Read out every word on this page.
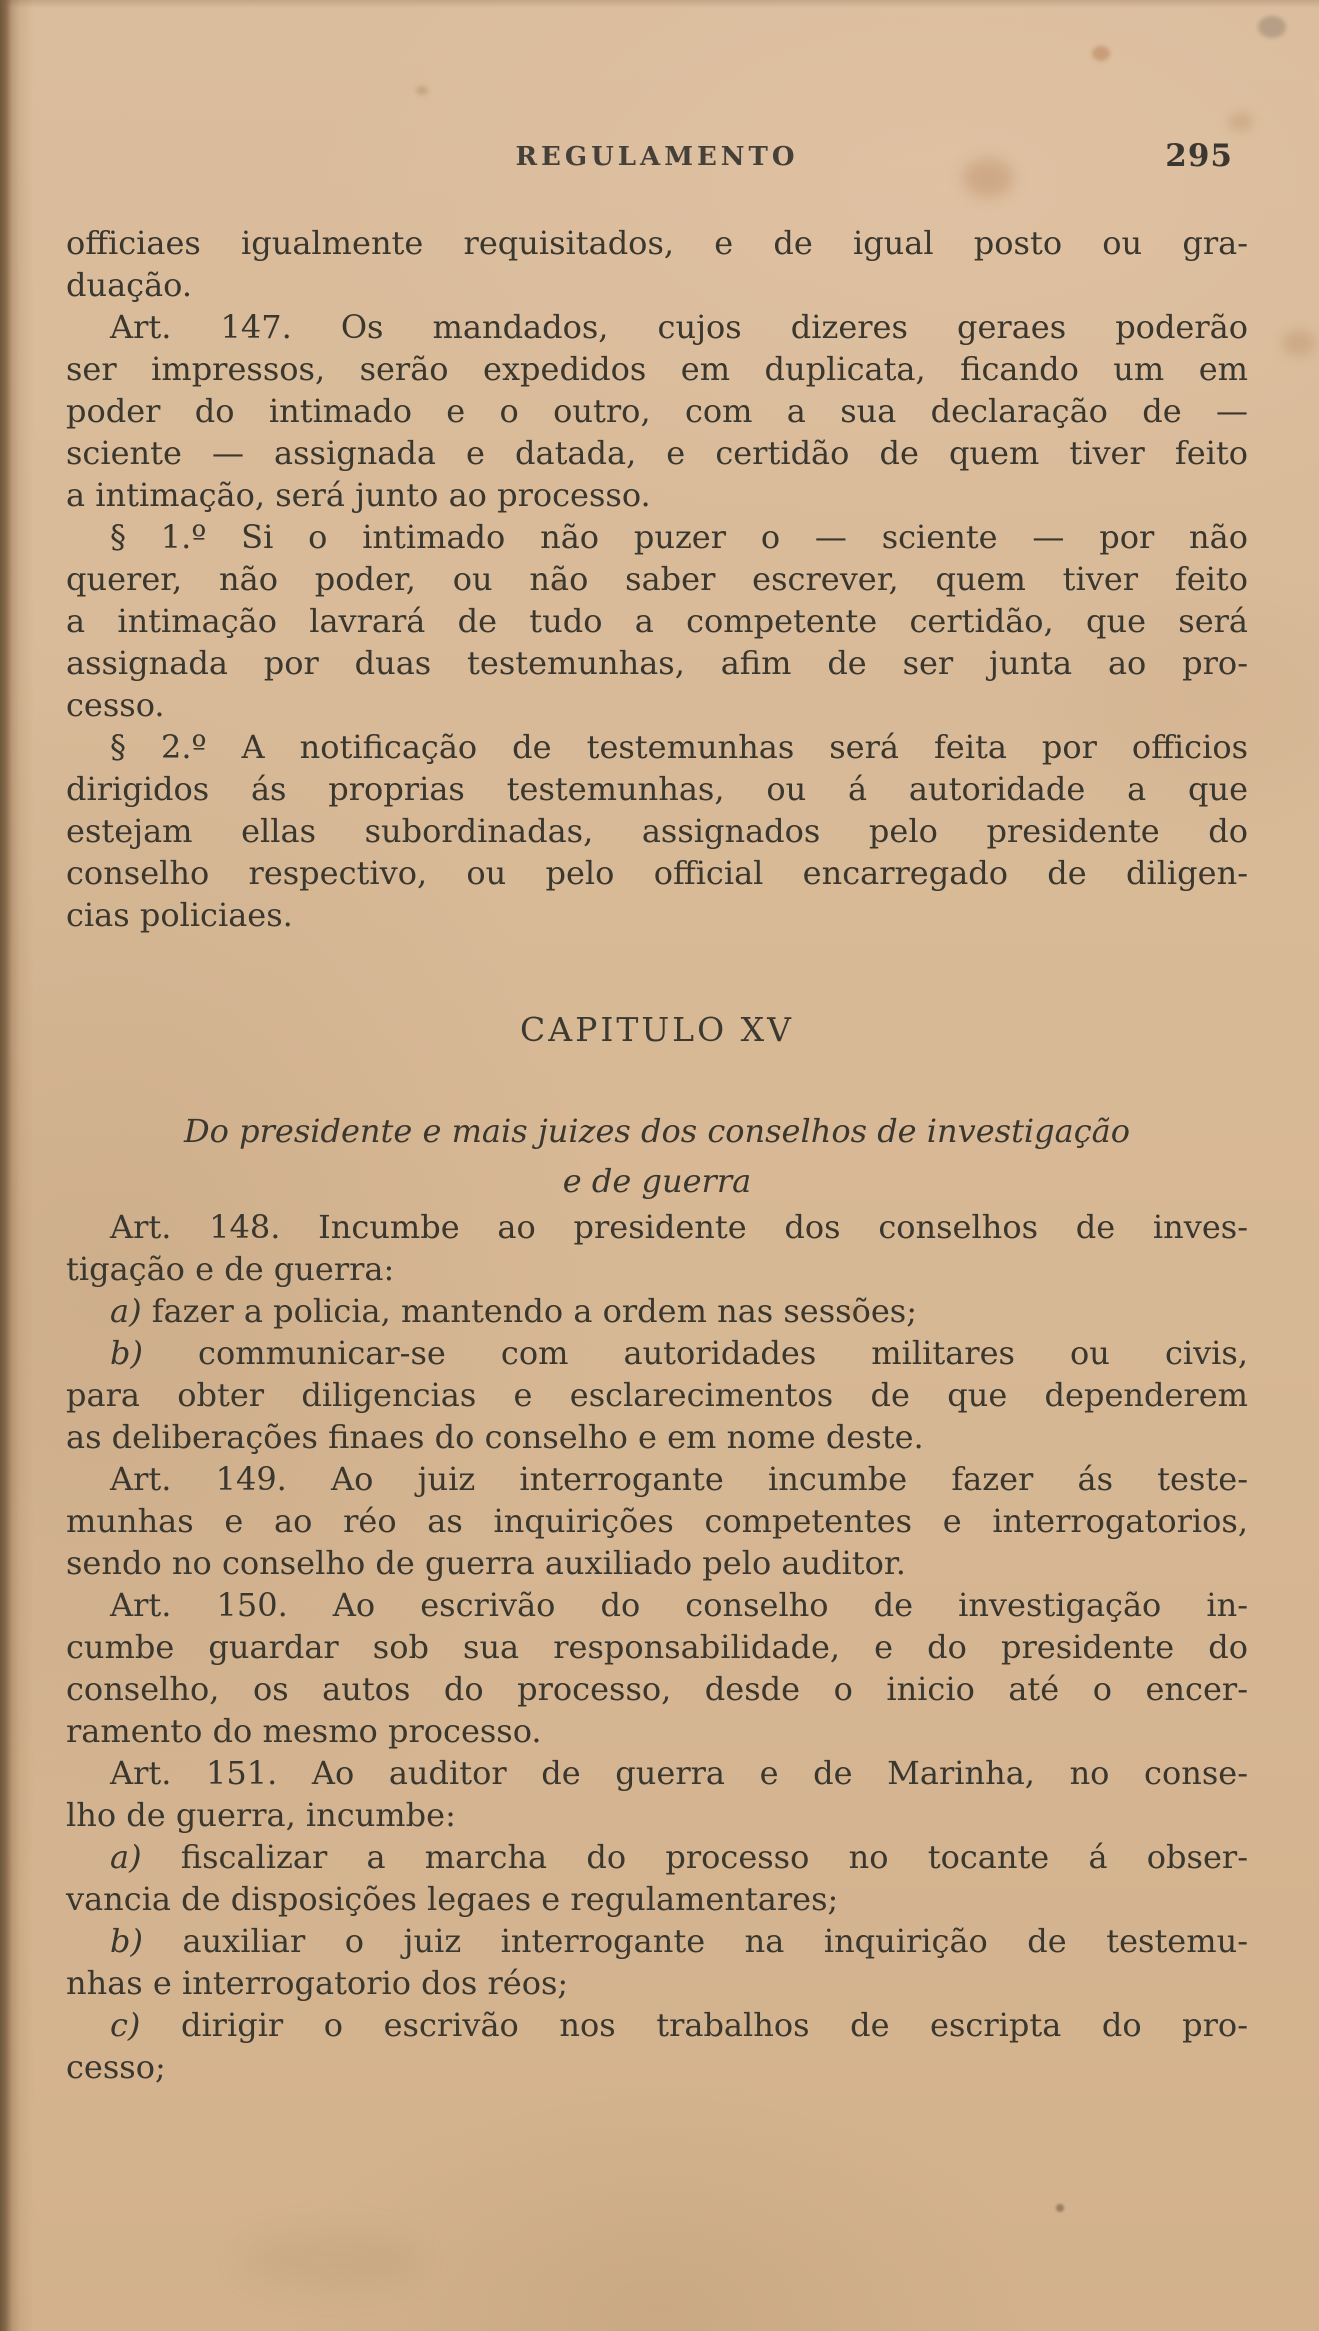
REGULAMENTO	295
officiaes igualmente requisitados, e de igual posto ou gra-
duação.
Art. 147. Os mandados, cujos dizeres geraes poderão
ser impressos, serão expedidos em duplicata, ficando um em
poder do intimado e o outro, com a sua declaração de —
sciente — assignada e datada, e certidão de quem tiver feito
a intimação, será junto ao processo.
§ 1.º Si o intimado não puzer o — sciente — por não
querer, não poder, ou não saber escrever, quem tiver feito
a intimação lavrará de tudo a competente certidão, que será
assignada por duas testemunhas, afim de ser junta ao pro-
cesso.
§ 2.º A notificação de testemunhas será feita por officios
dirigidos ás proprias testemunhas, ou á autoridade a que
estejam ellas subordinadas, assignados pelo presidente do
conselho respectivo, ou pelo official encarregado de diligen-
cias policiaes.
CAPITULO XV
Do presidente e mais juizes dos conselhos de investigação
e de guerra
Art. 148. Incumbe ao presidente dos conselhos de inves-
tigação e de guerra:
a) fazer a policia, mantendo a ordem nas sessões;
b) communicar-se com autoridades militares ou civis,
para obter diligencias e esclarecimentos de que dependerem
as deliberações finaes do conselho e em nome deste.
Art. 149. Ao juiz interrogante incumbe fazer ás teste-
munhas e ao réo as inquirições competentes e interrogatorios,
sendo no conselho de guerra auxiliado pelo auditor.
Art. 150. Ao escrivão do conselho de investigação in-
cumbe guardar sob sua responsabilidade, e do presidente do
conselho, os autos do processo, desde o inicio até o encer-
ramento do mesmo processo.
Art. 151. Ao auditor de guerra e de Marinha, no conse-
lho de guerra, incumbe:
a) fiscalizar a marcha do processo no tocante á obser-
vancia de disposições legaes e regulamentares;
b) auxiliar o juiz interrogante na inquirição de testemu-
nhas e interrogatorio dos réos;
c) dirigir o escrivão nos trabalhos de escripta do pro-
cesso;
